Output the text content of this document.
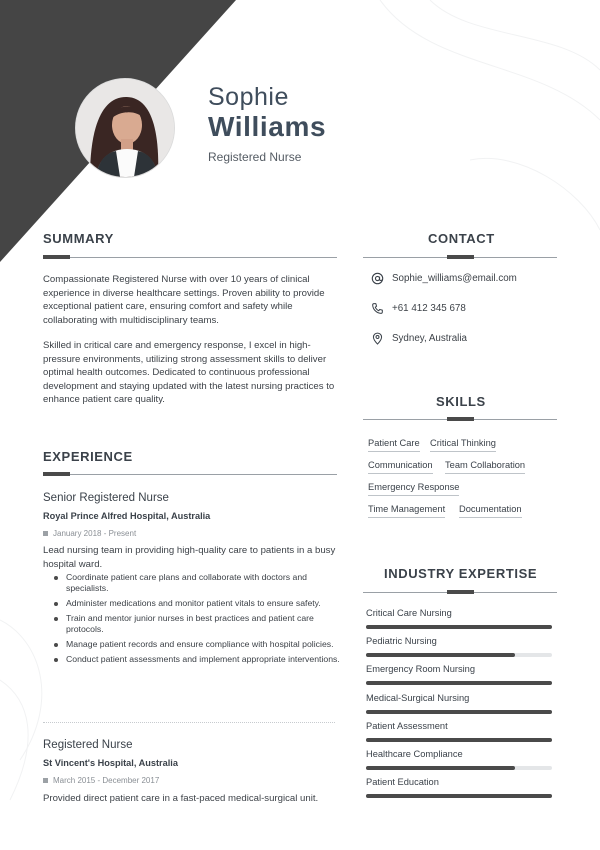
Sophie
Williams
Registered Nurse
SUMMARY
Compassionate Registered Nurse with over 10 years of clinical experience in diverse healthcare settings. Proven ability to provide exceptional patient care, ensuring comfort and safety while collaborating with multidisciplinary teams.
Skilled in critical care and emergency response, I excel in high-pressure environments, utilizing strong assessment skills to deliver optimal health outcomes. Dedicated to continuous professional development and staying updated with the latest nursing practices to enhance patient care quality.
EXPERIENCE
Senior Registered Nurse
Royal Prince Alfred Hospital, Australia
January 2018 - Present
Lead nursing team in providing high-quality care to patients in a busy hospital ward.
Coordinate patient care plans and collaborate with doctors and specialists.
Administer medications and monitor patient vitals to ensure safety.
Train and mentor junior nurses in best practices and patient care protocols.
Manage patient records and ensure compliance with hospital policies.
Conduct patient assessments and implement appropriate interventions.
Registered Nurse
St Vincent's Hospital, Australia
March 2015 - December 2017
Provided direct patient care in a fast-paced medical-surgical unit.
CONTACT
Sophie_williams@email.com
+61 412 345 678
Sydney, Australia
SKILLS
Patient Care Critical Thinking
Communication Team Collaboration
Emergency Response
Time Management Documentation
INDUSTRY EXPERTISE
Critical Care Nursing
Pediatric Nursing
Emergency Room Nursing
Medical-Surgical Nursing
Patient Assessment
Healthcare Compliance
Patient Education
